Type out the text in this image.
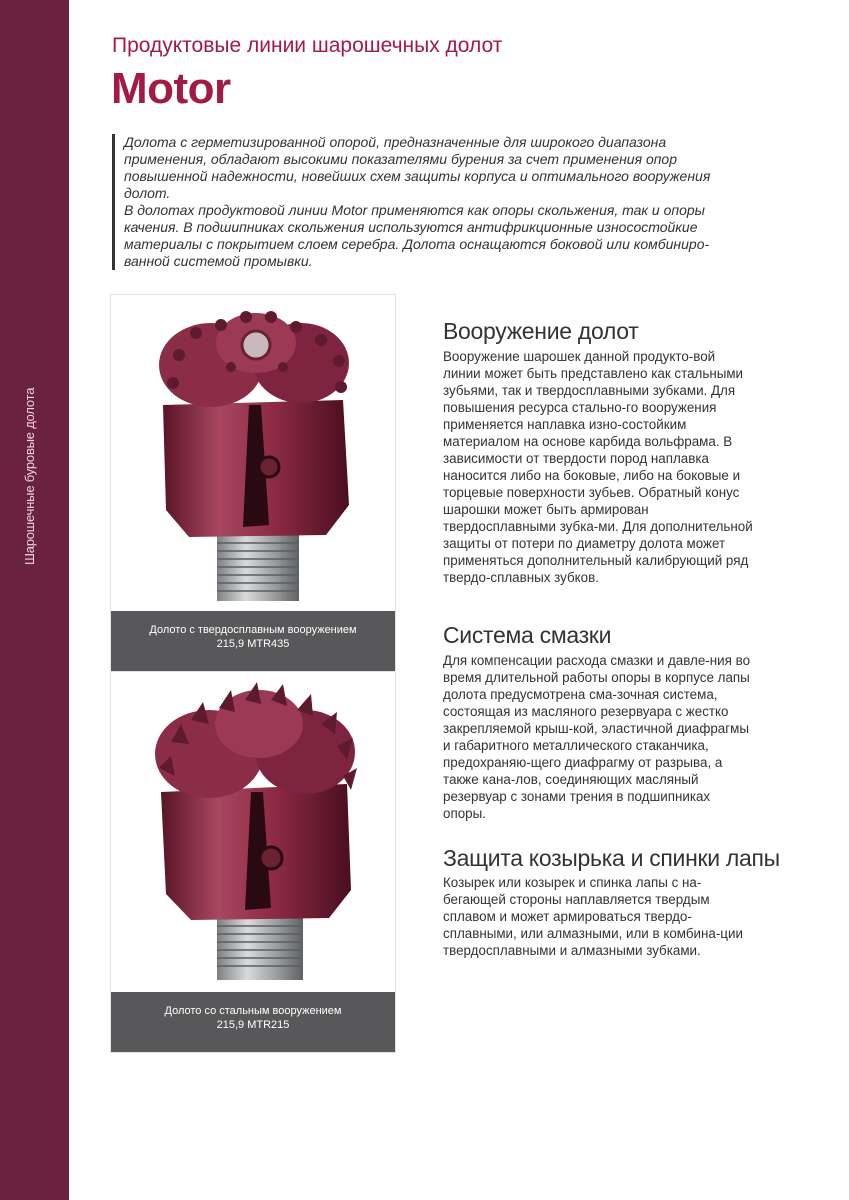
Шарошечные буровые долота
Продуктовые линии шарошечных долот
Motor

Долота с герметизированной опорой, предназначенные для широкого диапазона применения, обладают высокими показателями бурения за счет применения опор повышенной надежности, новейших схем защиты корпуса и оптимального вооружения долот.

В долотах продуктовой линии Motor применяются как опоры скольжения, так и опоры качения. В подшипниках скольжения используются антифрикционные износостойкие материалы с покрытием слоем серебра. Долота оснащаются боковой или комбиниро-ванной системой промывки.

Долото с твердосплавным вооружением
215,9 MTR435
Долото со стальным вооружением
215,9 MTR215
Вооружение долот
Вооружение шарошек данной продукто-вой линии может быть представлено как стальными зубьями, так и твердосплавными зубками. Для повышения ресурса стально-го вооружения применяется наплавка изно-состойким материалом на основе карбида вольфрама. В зависимости от твердости пород наплавка наносится либо на боковые, либо на боковые и торцевые поверхности зубьев. Обратный конус шарошки может быть армирован твердосплавными зубка-ми. Для дополнительной защиты от потери по диаметру долота может применяться дополнительный калибрующий ряд твердо-сплавных зубков.
Система смазки
Для компенсации расхода смазки и давле-ния во время длительной работы опоры в корпусе лапы долота предусмотрена сма-зочная система, состоящая из масляного резервуара с жестко закрепляемой крыш-кой, эластичной диафрагмы и габаритного металлического стаканчика, предохраняю-щего диафрагму от разрыва, а также кана-лов, соединяющих масляный резервуар с зонами трения в подшипниках опоры.
Защита козырька и спинки лапы
Козырек или козырек и спинка лапы с на-бегающей стороны наплавляется твердым сплавом и может армироваться твердо-сплавными, или алмазными, или в комбина-ции твердосплавными и алмазными зубками.
